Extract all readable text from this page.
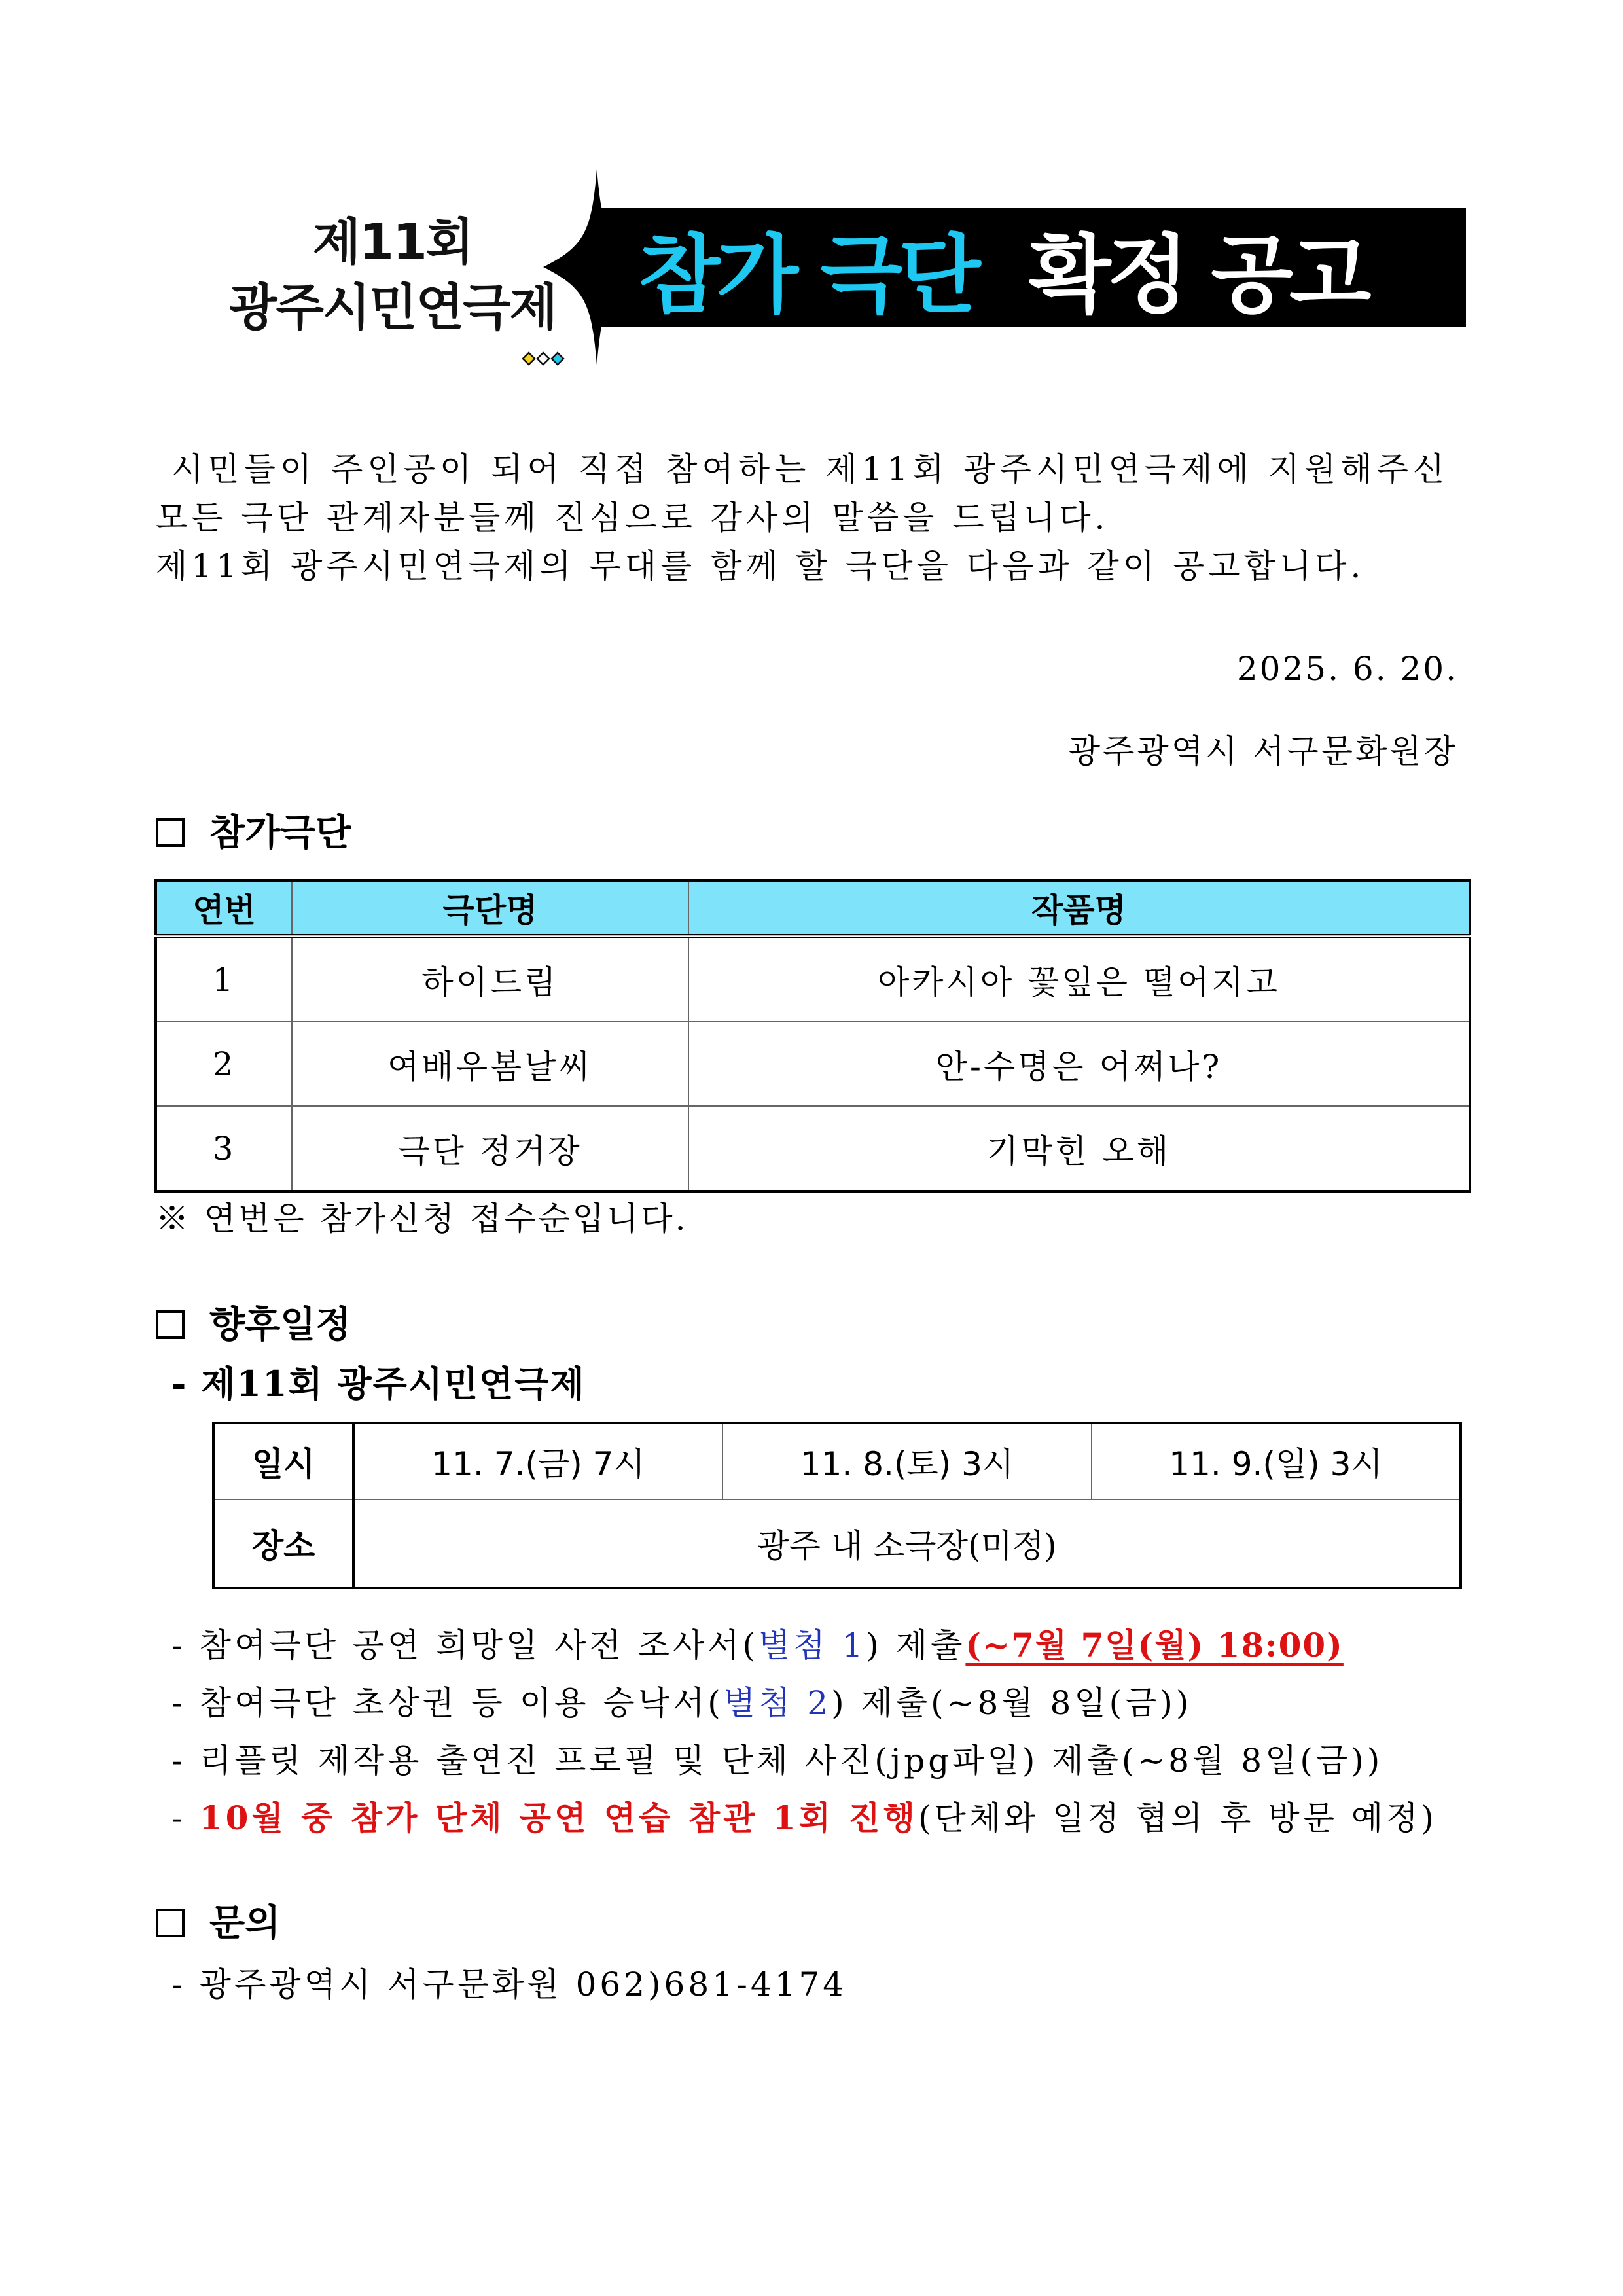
제11회
광주시민연극제 참가 극단 확정 공고
시민들이 주인공이 되어 직접 참여하는 제11회 광주시민연극제에 지원해주신
모든 극단 관계자분들께 진심으로 감사의 말씀을 드립니다.
제11회 광주시민연극제의 무대를 함께 할 극단을 다음과 같이 공고합니다.
2025. 6. 20.
광주광역시 서구문화원장
참가극단
연번	극단명	작품명
1	하이드림	아카시아 꽃잎은 떨어지고
2	여배우봄날씨	안-수명은 어쩌나?
3	극단 정거장	기막힌 오해
※ 연번은 참가신청 접수순입니다.
향후일정
- 제11회 광주시민연극제
일시	11. 7.(금) 7시	11. 8.(토) 3시	11. 9.(일) 3시
장소	광주 내 소극장(미정)		
- 참여극단 공연 희망일 사전 조사서(별첨 1) 제출(~7월 7일(월) 18:00)
- 참여극단 초상권 등 이용 승낙서(별첨 2) 제출(~8월 8일(금))
- 리플릿 제작용 출연진 프로필 및 단체 사진(jpg파일) 제출(~8월 8일(금))
- 10월 중 참가 단체 공연 연습 참관 1회 진행(단체와 일정 협의 후 방문 예정)
문의
- 광주광역시 서구문화원 062)681-4174
